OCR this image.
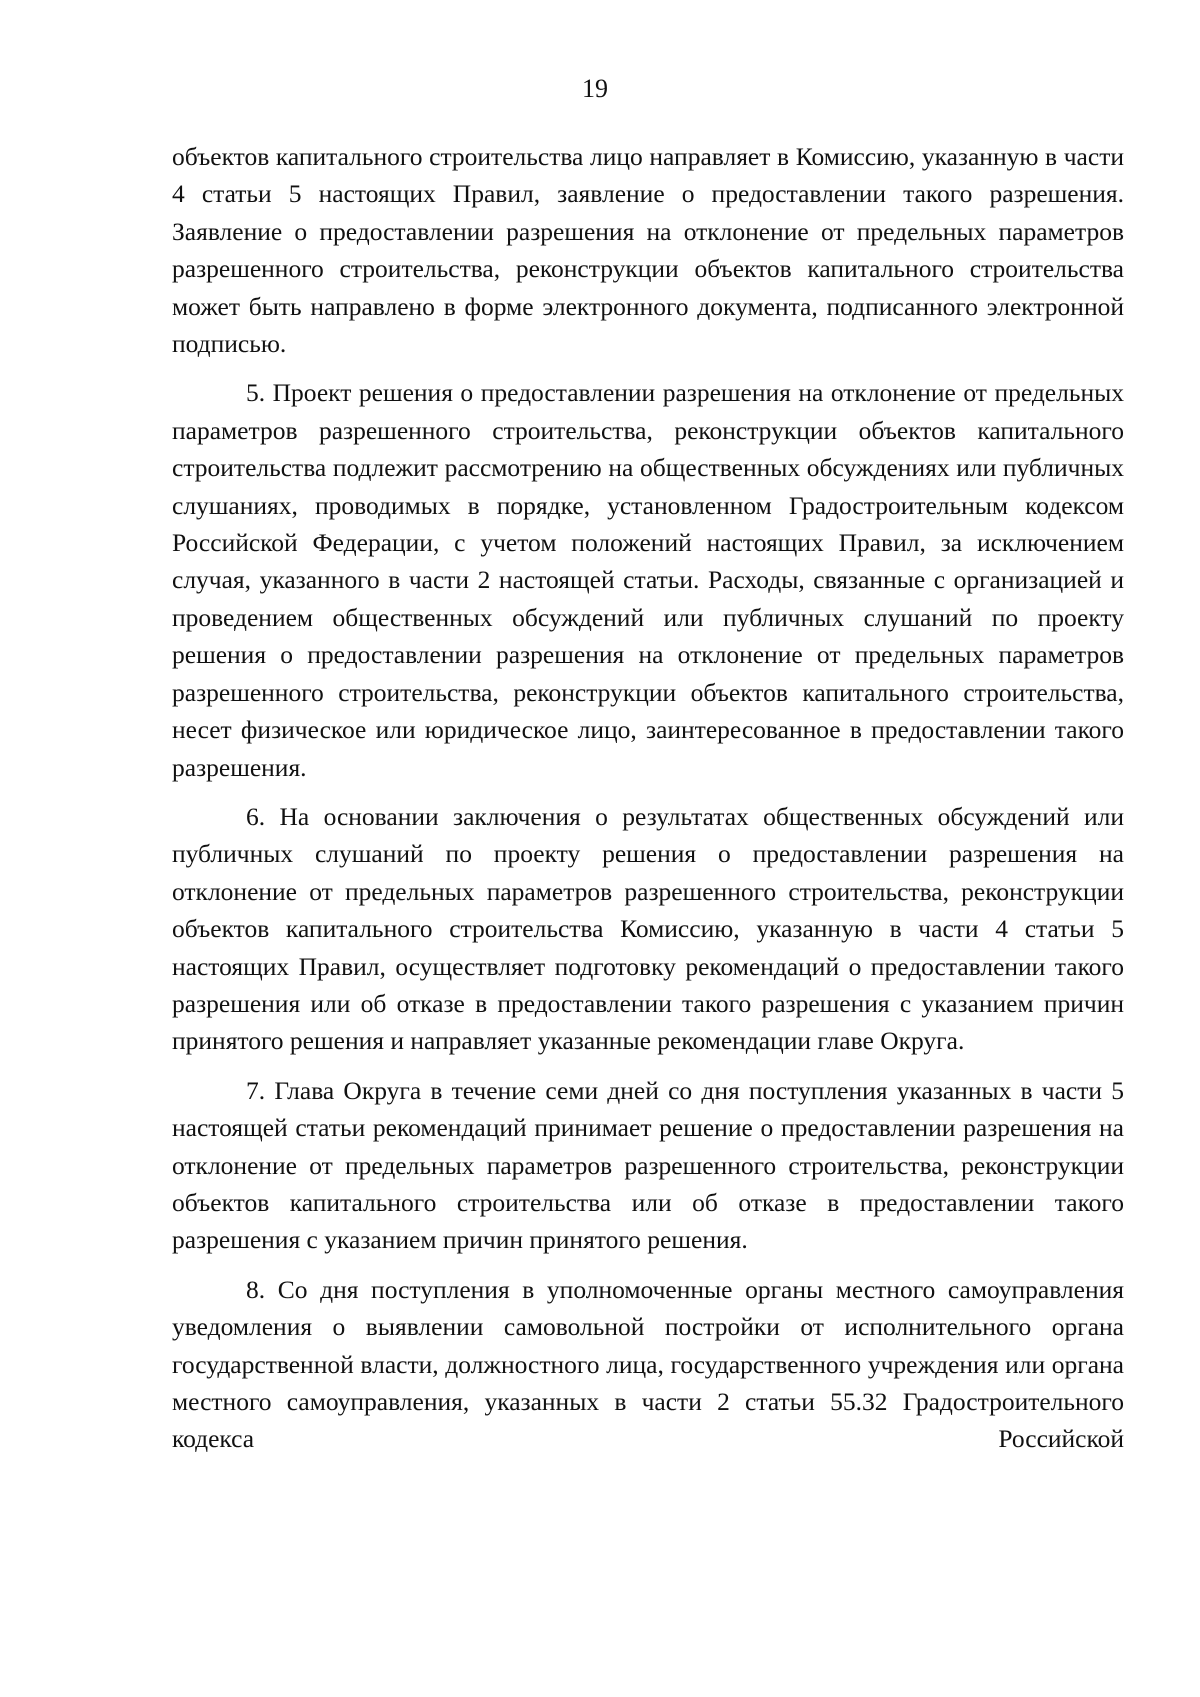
19

объектов капитального строительства лицо направляет в Комиссию, указанную в части 4 статьи 5 настоящих Правил, заявление о предоставлении такого разрешения. Заявление о предоставлении разрешения на отклонение от предельных параметров разрешенного строительства, реконструкции объектов капитального строительства может быть направлено в форме электронного документа, подписанного электронной подписью.

5. Проект решения о предоставлении разрешения на отклонение от предельных параметров разрешенного строительства, реконструкции объектов капитального строительства подлежит рассмотрению на общественных обсуждениях или публичных слушаниях, проводимых в порядке, установленном Градостроительным кодексом Российской Федерации, с учетом положений настоящих Правил, за исключением случая, указанного в части 2 настоящей статьи. Расходы, связанные с организацией и проведением общественных обсуждений или публичных слушаний по проекту решения о предоставлении разрешения на отклонение от предельных параметров разрешенного строительства, реконструкции объектов капитального строительства, несет физическое или юридическое лицо, заинтересованное в предоставлении такого разрешения.

6. На основании заключения о результатах общественных обсуждений или публичных слушаний по проекту решения о предоставлении разрешения на отклонение от предельных параметров разрешенного строительства, реконструкции объектов капитального строительства Комиссию, указанную в части 4 статьи 5 настоящих Правил, осуществляет подготовку рекомендаций о предоставлении такого разрешения или об отказе в предоставлении такого разрешения с указанием причин принятого решения и направляет указанные рекомендации главе Округа.

7. Глава Округа в течение семи дней со дня поступления указанных в части 5 настоящей статьи рекомендаций принимает решение о предоставлении разрешения на отклонение от предельных параметров разрешенного строительства, реконструкции объектов капитального строительства или об отказе в предоставлении такого разрешения с указанием причин принятого решения.

8. Со дня поступления в уполномоченные органы местного самоуправления уведомления о выявлении самовольной постройки от исполнительного органа государственной власти, должностного лица, государственного учреждения или органа местного самоуправления, указанных в части 2 статьи 55.32 Градостроительного кодекса Российской
